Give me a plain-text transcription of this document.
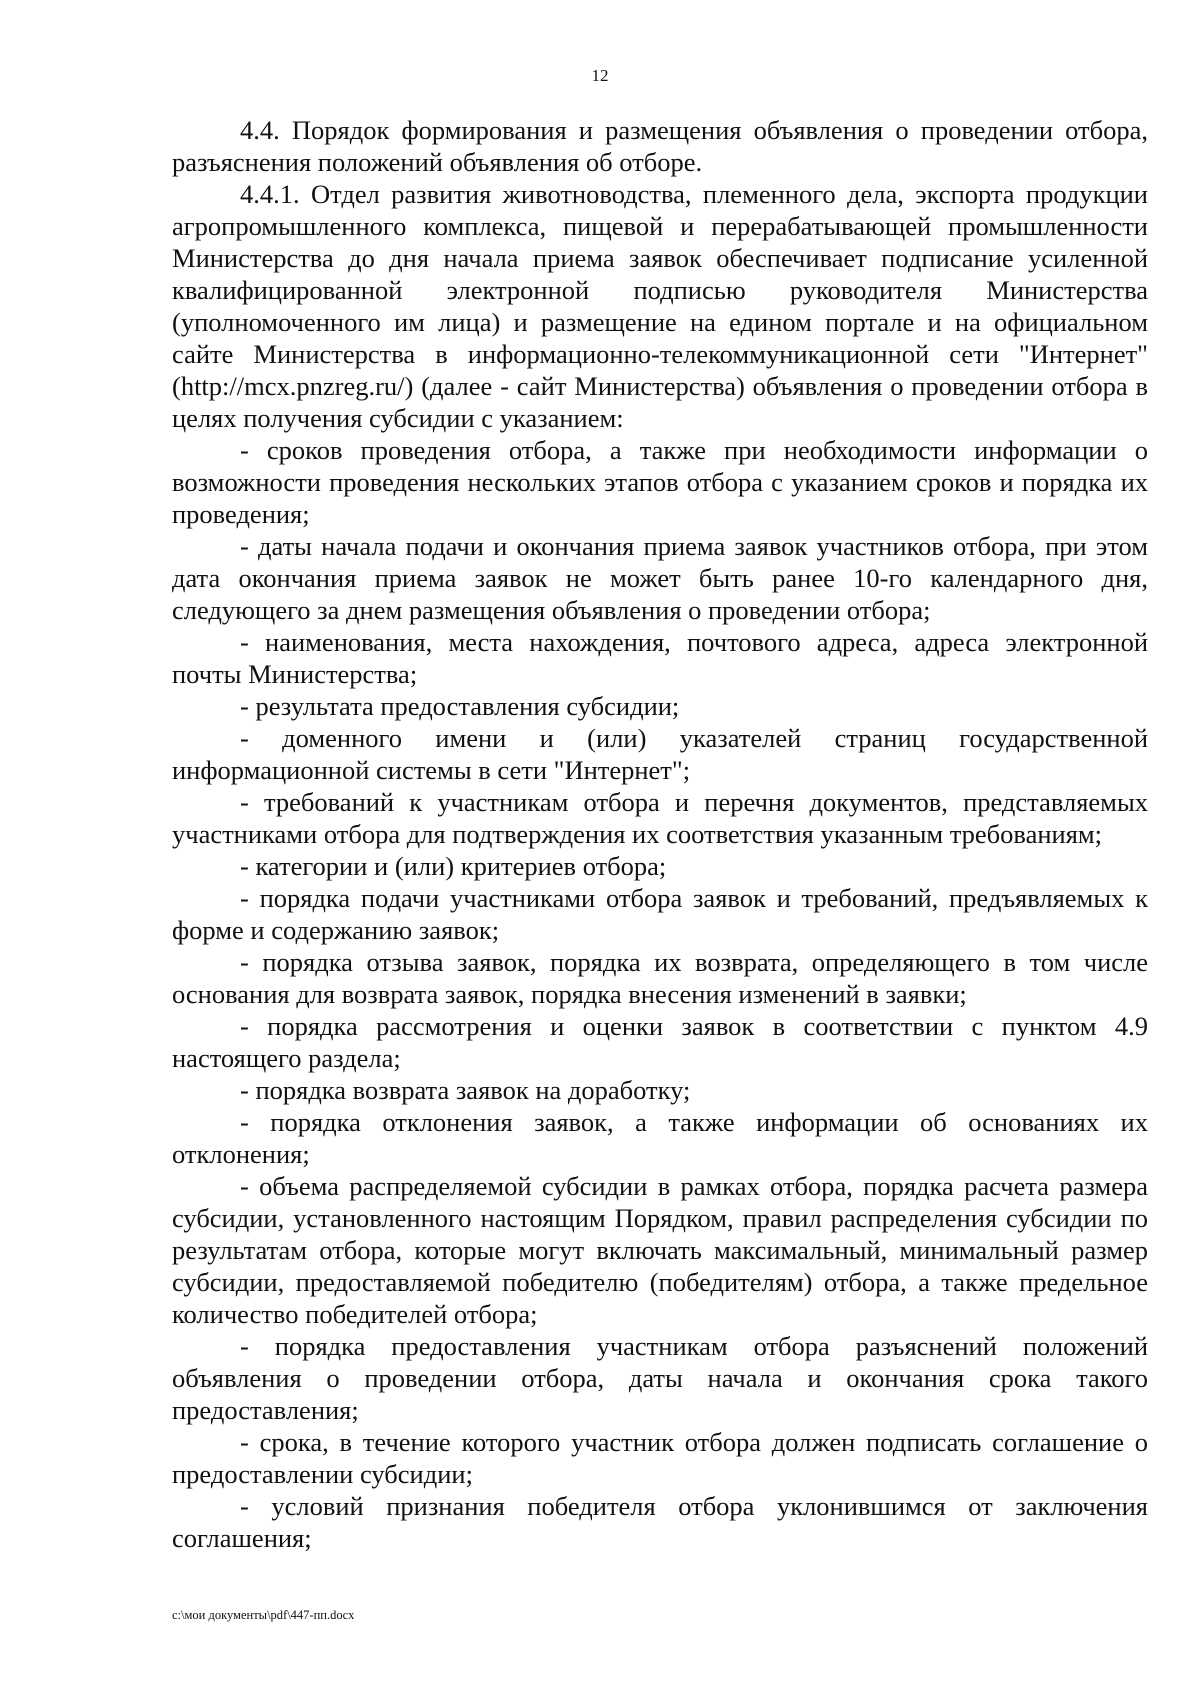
12

4.4. Порядок формирования и размещения объявления о проведении отбора, разъяснения положений объявления об отборе.

4.4.1. Отдел развития животноводства, племенного дела, экспорта продукции агропромышленного комплекса, пищевой и перерабатывающей промышленности Министерства до дня начала приема заявок обеспечивает подписание усиленной квалифицированной электронной подписью руководителя Министерства (уполномоченного им лица) и размещение на едином портале и на официальном сайте Министерства в информационно-телекоммуникационной сети "Интернет" (http://mcx.pnzreg.ru/) (далее - сайт Министерства) объявления о проведении отбора в целях получения субсидии с указанием:

- сроков проведения отбора, а также при необходимости информации о возможности проведения нескольких этапов отбора с указанием сроков и порядка их проведения;

- даты начала подачи и окончания приема заявок участников отбора, при этом дата окончания приема заявок не может быть ранее 10-го календарного дня, следующего за днем размещения объявления о проведении отбора;

- наименования, места нахождения, почтового адреса, адреса электронной почты Министерства;

- результата предоставления субсидии;

- доменного имени и (или) указателей страниц государственной информационной системы в сети "Интернет";

- требований к участникам отбора и перечня документов, представляемых участниками отбора для подтверждения их соответствия указанным требованиям;

- категории и (или) критериев отбора;

- порядка подачи участниками отбора заявок и требований, предъявляемых к форме и содержанию заявок;

- порядка отзыва заявок, порядка их возврата, определяющего в том числе основания для возврата заявок, порядка внесения изменений в заявки;

- порядка рассмотрения и оценки заявок в соответствии с пунктом 4.9 настоящего раздела;

- порядка возврата заявок на доработку;

- порядка отклонения заявок, а также информации об основаниях их отклонения;

- объема распределяемой субсидии в рамках отбора, порядка расчета размера субсидии, установленного настоящим Порядком, правил распределения субсидии по результатам отбора, которые могут включать максимальный, минимальный размер субсидии, предоставляемой победителю (победителям) отбора, а также предельное количество победителей отбора;

- порядка предоставления участникам отбора разъяснений положений объявления о проведении отбора, даты начала и окончания срока такого предоставления;

- срока, в течение которого участник отбора должен подписать соглашение о предоставлении субсидии;

- условий признания победителя отбора уклонившимся от заключения соглашения;

c:\мои документы\pdf\447-пп.docx
